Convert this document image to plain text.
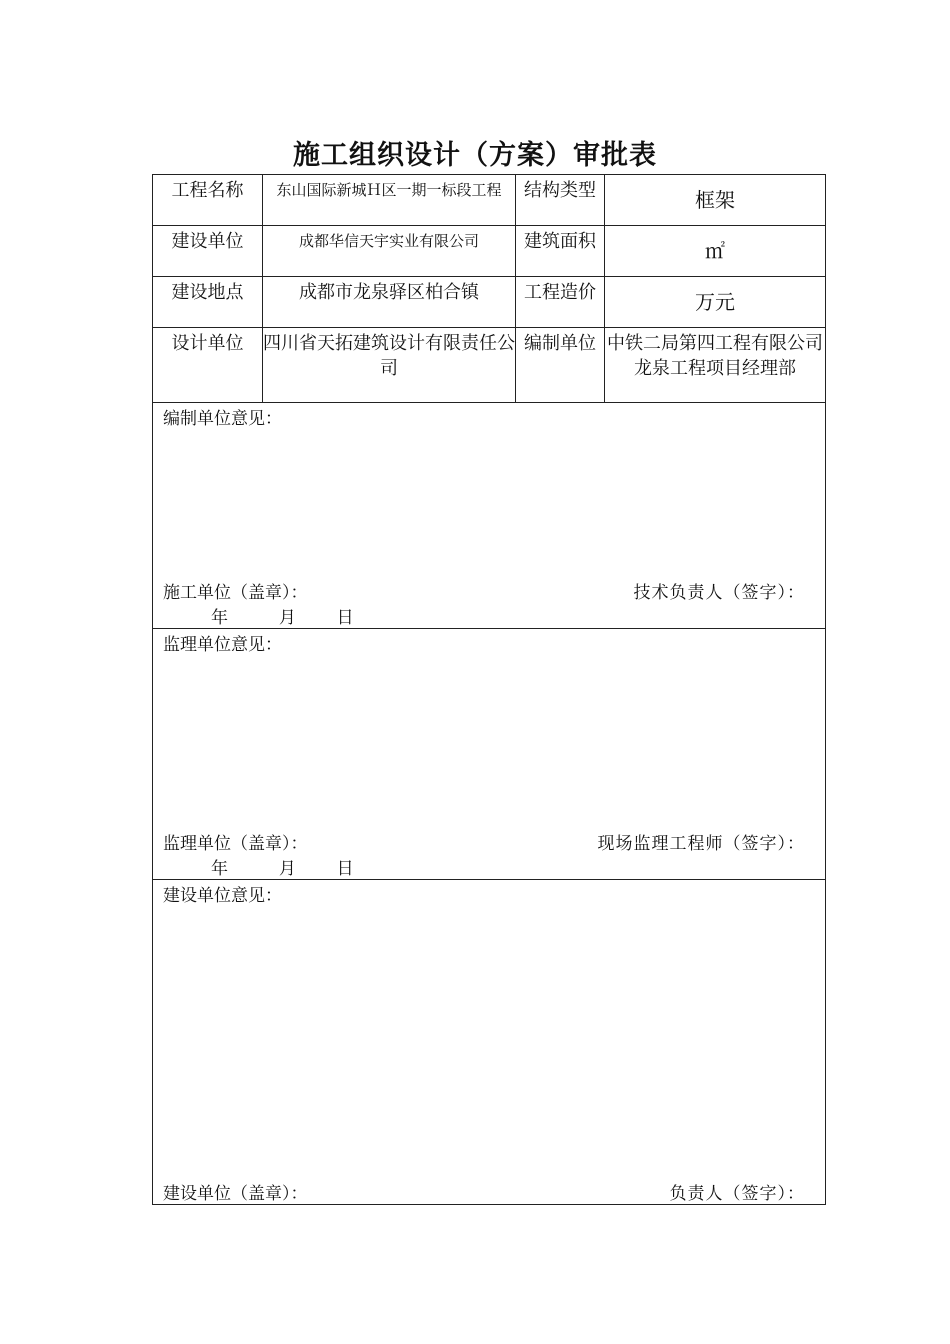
施工组织设计（方案）审批表
工程名称	东山国际新城Ｈ区一期一标段工程	结构类型	框架
建设单位	成都华信天宇实业有限公司	建筑面积	㎡
建设地点	成都市龙泉驿区柏合镇	工程造价	万元
设计单位	四川省天拓建筑设计有限责任公司	编制单位	中铁二局第四工程有限公司龙泉工程项目经理部

编制单位意见：
施工单位（盖章）： 技术负责人（签字）：
年 月 日			

监理单位意见：
监理单位（盖章）： 现场监理工程师（签字）：
年 月 日			

建设单位意见：
建设单位（盖章）： 负责人（签字）：			
